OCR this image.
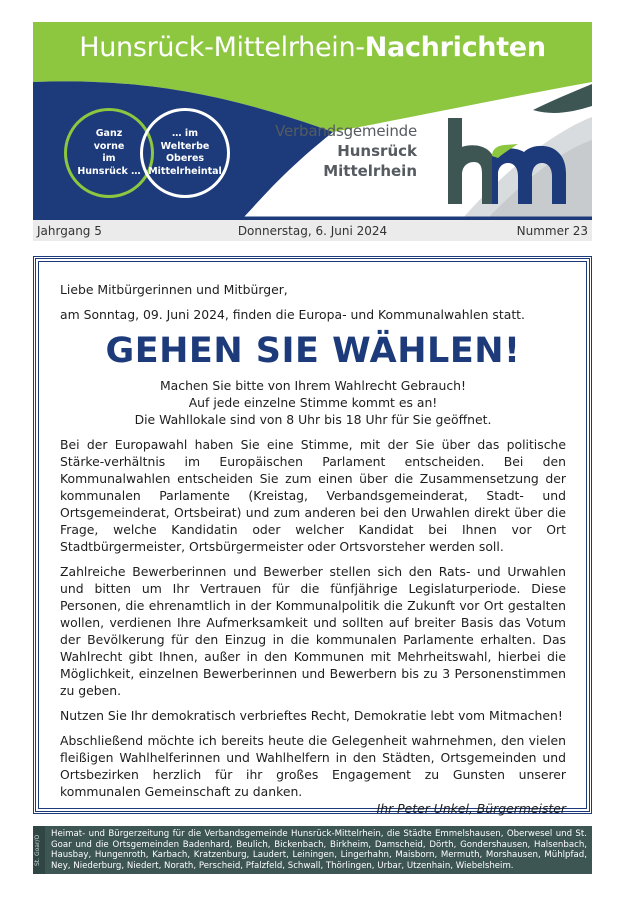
Hunsrück-Mittelrhein-Nachrichten
Ganz
vorne
im
Hunsrück …
… im
Welterbe
Oberes
Mittelrheintal
Verbandsgemeinde
Hunsrück
Mittelrhein
Jahrgang 5	Donnerstag, 6. Juni 2024	Nummer 23

Liebe Mitbürgerinnen und Mitbürger,

am Sonntag, 09. Juni 2024, finden die Europa- und Kommunalwahlen statt.

GEHEN SIE WÄHLEN!

Machen Sie bitte von Ihrem Wahlrecht Gebrauch!

Auf jede einzelne Stimme kommt es an!

Die Wahllokale sind von 8 Uhr bis 18 Uhr für Sie geöffnet.

Bei der Europawahl haben Sie eine Stimme, mit der Sie über das politische Stärke-verhältnis im Europäischen Parlament entscheiden. Bei den Kommunalwahlen entscheiden Sie zum einen über die Zusammensetzung der kommunalen Parlamente (Kreistag, Verbandsgemeinderat, Stadt- und Ortsgemeinderat, Ortsbeirat) und zum anderen bei den Urwahlen direkt über die Frage, welche Kandidatin oder welcher Kandidat bei Ihnen vor Ort Stadtbürgermeister, Ortsbürgermeister oder Ortsvorsteher werden soll.

Zahlreiche Bewerberinnen und Bewerber stellen sich den Rats- und Urwahlen und bitten um Ihr Vertrauen für die fünfjährige Legislaturperiode. Diese Personen, die ehrenamtlich in der Kommunalpolitik die Zukunft vor Ort gestalten wollen, verdienen Ihre Aufmerksamkeit und sollten auf breiter Basis das Votum der Bevölkerung für den Einzug in die kommunalen Parlamente erhalten. Das Wahlrecht gibt Ihnen, außer in den Kommunen mit Mehrheitswahl, hierbei die Möglichkeit, einzelnen Bewerberinnen und Bewerbern bis zu 3 Personenstimmen zu geben.

Nutzen Sie Ihr demokratisch verbrieftes Recht, Demokratie lebt vom Mitmachen!

Abschließend möchte ich bereits heute die Gelegenheit wahrnehmen, den vielen fleißigen Wahlhelferinnen und Wahlhelfern in den Städten, Ortsgemeinden und Ortsbezirken herzlich für ihr großes Engagement zu Gunsten unserer kommunalen Gemeinschaft zu danken.

Ihr Peter Unkel, Bürgermeister

St. Goar/O
Heimat- und Bürgerzeitung für die Verbandsgemeinde Hunsrück-Mittelrhein, die Städte Emmelshausen, Oberwesel und St. Goar und die Ortsgemeinden Badenhard, Beulich, Bickenbach, Birkheim, Damscheid, Dörth, Gondershausen, Halsenbach, Hausbay, Hungenroth, Karbach, Kratzenburg, Laudert, Leiningen, Lingerhahn, Maisborn, Mermuth, Morshausen, Mühlpfad, Ney, Niederburg, Niedert, Norath, Perscheid, Pfalzfeld, Schwall, Thörlingen, Urbar, Utzenhain, Wiebelsheim.
